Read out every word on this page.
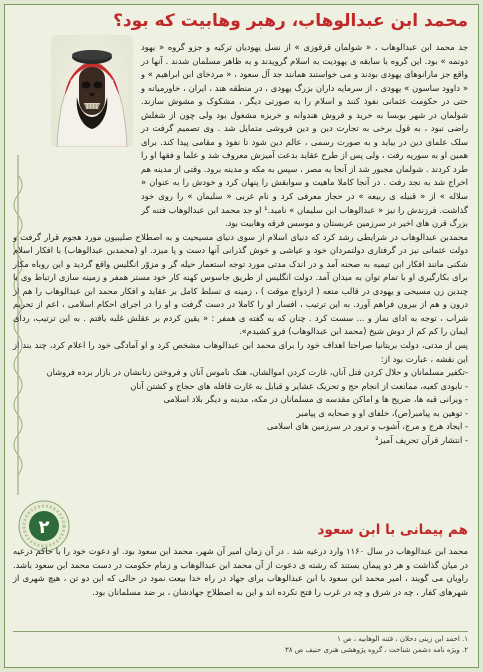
محمد ابن عبدالوهاب، رهبر وهابیت که بود؟

جد محمد ابن عبدالوهاب ، « شولمان قرقوزی » از نسل یهودیان ترکیه و جزو گروه « یهود دونمه » بود. این گروه با سابقه ی یهودیت به اسلام گرویدند و به ظاهر مسلمان شدند . آنها در واقع جز مارانوهای یهودی بودند و می خواستند همانند جد آل سعود ، « مردخای ابن ابراهیم » و « داوود ساسون » یهودی ، از سرمایه داران بزرگ یهودی ، در منطقه هند ، ایران ، خاورمیانه و حتی در حکومت عثمانی نفوذ کنند و اسلام را به صورتی دیگر ، مشکوک و مشوش سازند. شولمان در شهر بوبسا به خرید و فروش هندوانه و خربزه مشغول بود ولی چون از شغلش راضی نبود ، به قول برخی به تجارت دین و دین فروشی متمایل شد . وی تصمیم گرفت در سلک علمای دین در بیاید و به صورت رسمی ، عالم دین شود تا نفوذ و مقامی پیدا کند. برای همین او به سوریه رفت ، ولی پس از طرح عقاید بدعت آمیزش معروف شد و علما و فقها او را طرد کردند . شولمان مجبور شد از آنجا به مصر ، سپس به مکه و مدینه برود. وقتی از مدینه هم اخراج شد به نجد رفت . در آنجا کاملا ماهیت و سوابقش را پنهان کرد و خودش را به عنوان « سلاله » از « قبیله ی ربیعه » در حجاز معرفی کرد و نام عربی « سلیمان » را روی خود گذاشت. فرزندش را نیز « عبدالوهاب ابن سلیمان » نامید.¹ او جد محمد ابن عبدالوهاب فتنه گر بزرگ قرن های اخیر در سرزمین عربستان و موسس فرقه وهابیت بود.

محمدبن عبدالوهاب در شرایطی رشد کرد که دنیای اسلام از سوی دنیای مسیحیت و به اصطلاح صلیبیون مورد هجوم قرار گرفت و دولت عثمانی نیز در گرفتاری دولتمردان خود و عیاشی و خوش گذرانی آنها دست و پا میزد. او (محمدبن عبدالوهاب) با افکار اسلام شکنی مانند افکار ابن تیمیه به صحنه آمد و در اندک مدتی مورد توجه استعمار حیله گر و مزوّر انگلیس واقع گردید و این روباه مکار برای بکارگیری او با تمام توان به میدان آمد. دولت انگلیس از طریق جاسوس کهنه کار خود مستر همفر و زمینه سازی ارتباط وی با چندین زن مسیحی و یهودی در قالب متعه ( ازدواج موقت ) ، زمینه ی تسلط کامل بر عقاید و افکار محمد ابن عبدالوهاب را هم از درون و هم از بیرون فراهم آورد. به این ترتیب ، افسار او را کاملا در دست گرفت و او را در اجرای احکام اسلامی ، اعم از تحریم شراب ، توجه به ادای نماز و ... سست کرد . چنان که به گفته ی همفر : « یقین کردم بر عقلش غلبه یافتم . به این ترتیب، ردای ایمان را کم کم از دوش شیخ (محمد ابن عبدالوهاب) فرو کشیدم».

پس از مدتی، دولت بریتانیا صراحتا اهداف خود را برای محمد ابن عبدالوهاب مشخص کرد و او آمادگی خود را اعلام کرد، چند بند از این نقشه ، عبارت بود از:

-تکفیر مسلمانان و حلال کردن قتل آنان، غارت کردن اموالشان، هتک ناموس آنان و فروختن زنانشان در بازار برده فروشان
- نابودی کعبه، ممانعت از انجام حج و تحریک عشایر و قبایل به غارت قافله های حجاج و کشتن آنان
- ویرانی قبه ها، ضریح ها و اماکن مقدسه ی مسلمانان در مکه، مدینه و دیگر بلاد اسلامی
- توهین به پیامبر(ص)، خلفای او و صحابه ی پیامبر
- ایجاد هرج و مرج، آشوب و ترور در سرزمین های اسلامی
- انتشار قرآن تحریف آمیز²
۲	هم پیمانی با ابن سعود
محمد ابن عبدالوهاب در سال ۱۱۶۰ وارد درعیه شد . در آن زمان امیر آن شهر، محمد ابن سعود بود. او دعوت خود را با حاکم درعیه در میان گذاشت و هر دو پیمان بستند که رشته ی دعوت از آن محمد ابن عبدالوهاب و زمام حکومت در دست محمد ابن سعود باشد. راویان می گویند ، امیر محمد ابن سعود با ابن عبدالوهاب برای جهاد در راه خدا بیعت نمود در حالی که این دو تن ، هیچ شهری از شهرهای کفار ، چه در شرق و چه در غرب را فتح نکرده اند و این به اصطلاح جهادشان ، بر ضد مسلمانان بود.
۱. احمد ابن زینی دحلان ، فتنه الوهابیه ، ص ۱
۲. ویژه نامه دشمن شناخت ، گروه پژوهشی هنری حنیف ص ۳۸
